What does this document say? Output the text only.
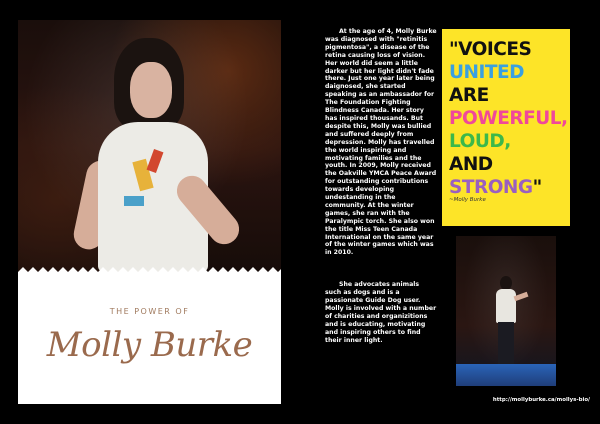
THE POWER OF
Molly Burke

At the age of 4, Molly Burke was diagnosed with "retinitis pigmentosa", a disease of the retina causing loss of vision. Her world did seem a little darker but her light didn't fade there. Just one year later being daignosed, she started speaking as an ambassador for The Foundation Fighting Blindness Canada. Her story has inspired thousands. But despite this, Molly was bullied and suffered deeply from depression. Molly has travelled the world inspiring and motivating families and the youth. In 2009, Molly received the Oakville YMCA Peace Award for outstanding contributions towards developing undestanding in the community. At the winter games, she ran with the Paralympic torch. She also won the title Miss Teen Canada International on the same year of the winter games which was in 2010.

She advocates animals such as dogs and is a passionate Guide Dog user. Molly is involved with a number of charities and organizitions and is educating, motivating and inspiring others to find their inner light.

"VOICES
UNITED
ARE
POWERFUL,
LOUD,
AND
STRONG"
~Molly Burke
http://mollyburke.ca/mollys-bio/
